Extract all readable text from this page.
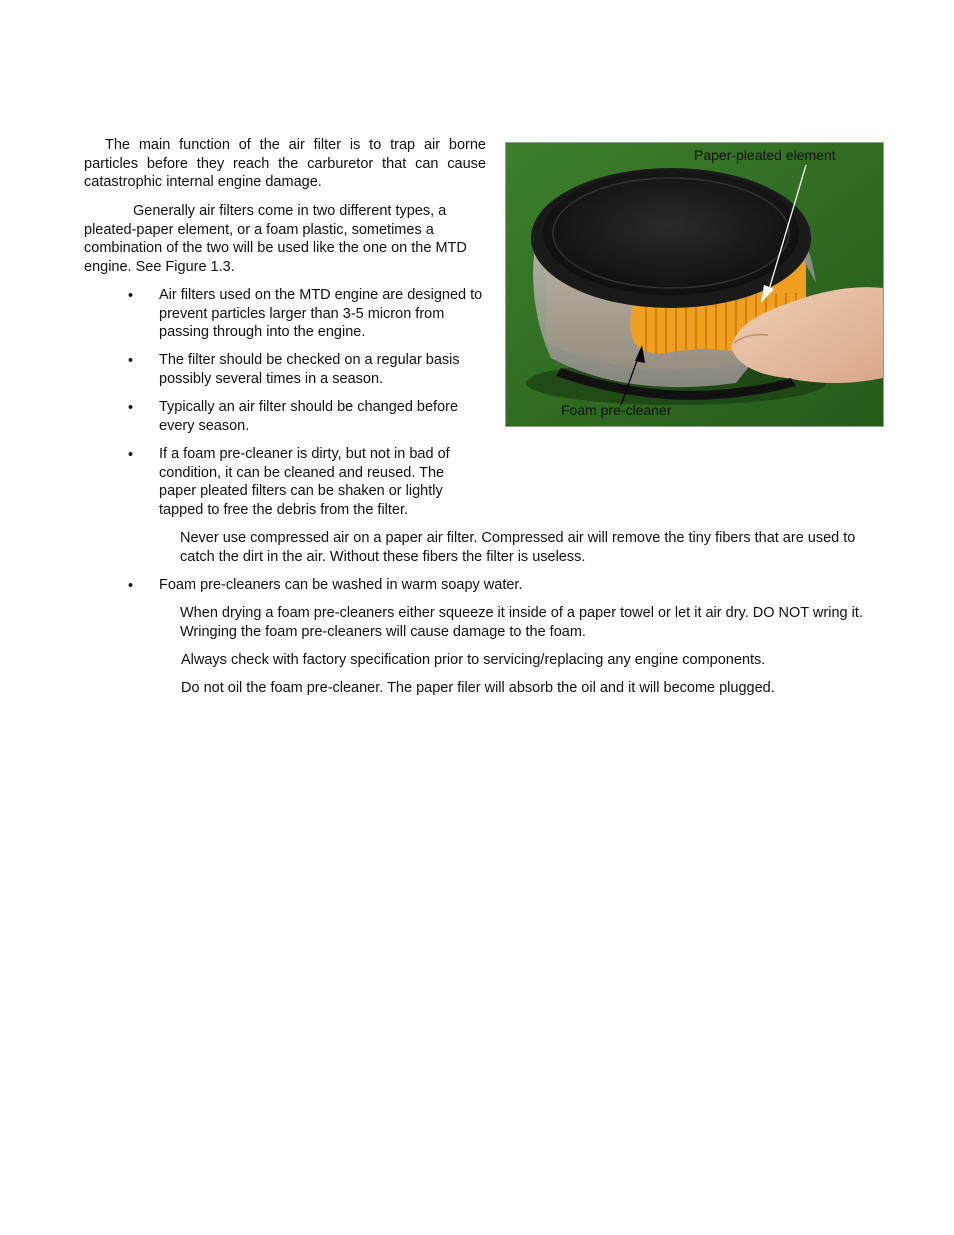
The main function of the air filter is to trap air borne particles before they reach the carburetor that can cause catastrophic internal engine damage.

Generally air filters come in two different types, a pleated-paper element, or a foam plastic, sometimes a combination of the two will be used like the one on the MTD engine. See Figure 1.3.

• Air filters used on the MTD engine are designed to prevent particles larger than 3-5 micron from passing through into the engine.
• The filter should be checked on a regular basis possibly several times in a season.
• Typically an air filter should be changed before every season.
• If a foam pre-cleaner is dirty, but not in bad of condition, it can be cleaned and reused. The paper pleated filters can be shaken or lightly tapped to free the debris from the filter.

Never use compressed air on a paper air filter. Compressed air will remove the tiny fibers that are used to catch the dirt in the air. Without these fibers the filter is useless.

• Foam pre-cleaners can be washed in warm soapy water.

When drying a foam pre-cleaners either squeeze it inside of a paper towel or let it air dry. DO NOT wring it. Wringing the foam pre-cleaners will cause damage to the foam.

Always check with factory specification prior to servicing/replacing any engine components.

Do not oil the foam pre-cleaner. The paper filer will absorb the oil and it will become plugged.

Paper-pleated element
Foam pre-cleaner
